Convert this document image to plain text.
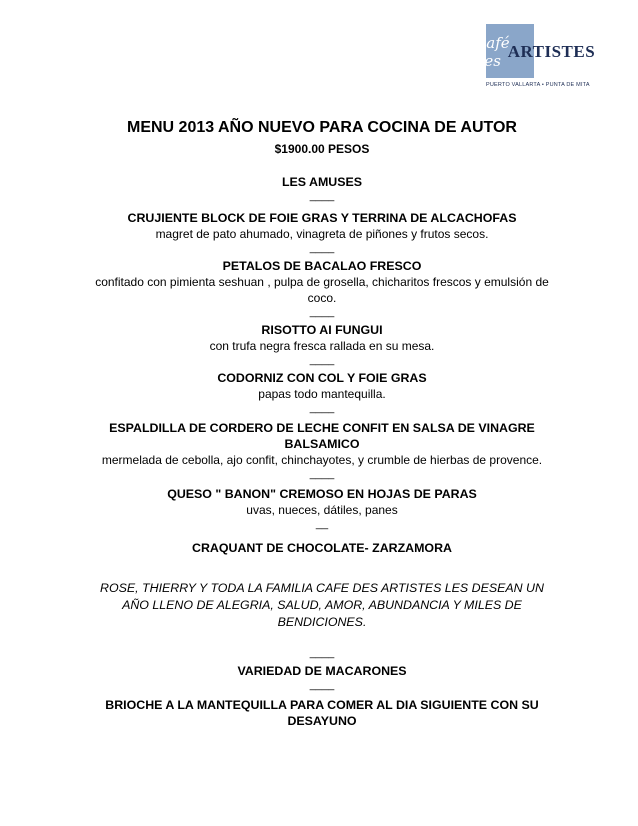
Café des ARTISTES
PUERTO VALLARTA • PUNTA DE MITA
MENU 2013 AÑO NUEVO PARA COCINA DE AUTOR
$1900.00 PESOS
LES AMUSES
____
CRUJIENTE BLOCK DE FOIE GRAS Y TERRINA DE ALCACHOFAS
magret de pato ahumado, vinagreta de piñones y frutos secos.
____
PETALOS DE BACALAO FRESCO
confitado con pimienta seshuan , pulpa de grosella, chicharitos frescos y emulsión de coco.
____
RISOTTO AI FUNGUI
con trufa negra fresca rallada en su mesa.
____
CODORNIZ CON COL Y FOIE GRAS
papas todo mantequilla.
____
ESPALDILLA DE CORDERO DE LECHE CONFIT EN SALSA DE VINAGRE BALSAMICO
mermelada de cebolla, ajo confit, chinchayotes, y crumble de hierbas de provence.
____
QUESO " BANON" CREMOSO EN HOJAS DE PARAS
uvas, nueces, dátiles, panes
__
CRAQUANT DE CHOCOLATE- ZARZAMORA
ROSE, THIERRY Y TODA LA FAMILIA CAFE DES ARTISTES LES DESEAN UN AÑO LLENO DE ALEGRIA, SALUD, AMOR, ABUNDANCIA Y MILES DE BENDICIONES.
____
VARIEDAD DE MACARONES
____
BRIOCHE A LA MANTEQUILLA PARA COMER AL DIA SIGUIENTE CON SU DESAYUNO
